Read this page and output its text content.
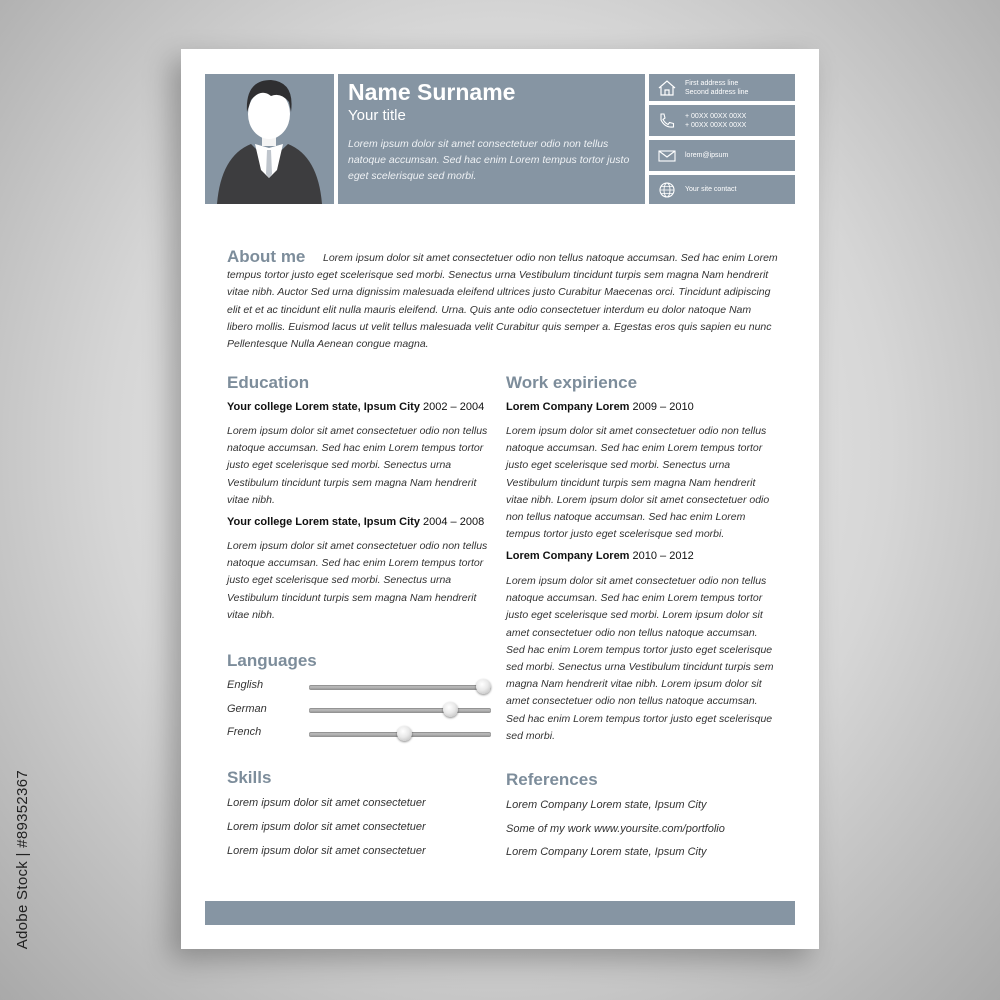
Adobe Stock | #89352367
Name Surname
Your title
Lorem ipsum dolor sit amet consectetuer odio non tellus natoque accumsan. Sed hac enim Lorem tempus tortor justo eget scelerisque sed morbi.
First address line
Second address line
+ 00XX 00XX 00XX
+ 00XX 00XX 00XX
lorem@ipsum
Your site contact
About me	Lorem ipsum dolor sit amet consectetuer odio non tellus natoque accumsan. Sed hac enim Lorem tempus tortor justo eget scelerisque sed morbi. Senectus urna Vestibulum tincidunt turpis sem magna Nam hendrerit vitae nibh. Auctor Sed urna dignissim malesuada eleifend ultrices justo Curabitur Maecenas orci. Tincidunt adipiscing elit et et ac tincidunt elit nulla mauris eleifend. Urna. Quis ante odio consectetuer interdum eu dolor natoque Nam libero mollis. Euismod lacus ut velit tellus malesuada velit Curabitur quis semper a. Egestas eros quis sapien eu nunc Pellentesque Nulla Aenean congue magna.
Education
Your college Lorem state, Ipsum City 2002 – 2004
Lorem ipsum dolor sit amet consectetuer odio non tellus natoque accumsan. Sed hac enim Lorem tempus tortor justo eget scelerisque sed morbi. Senectus urna Vestibulum tincidunt turpis sem magna Nam hendrerit vitae nibh.
Your college Lorem state, Ipsum City 2004 – 2008
Lorem ipsum dolor sit amet consectetuer odio non tellus natoque accumsan. Sed hac enim Lorem tempus tortor justo eget scelerisque sed morbi. Senectus urna Vestibulum tincidunt turpis sem magna Nam hendrerit vitae nibh.
Languages
English
German
French
Skills
Lorem ipsum dolor sit amet consectetuer
Lorem ipsum dolor sit amet consectetuer
Lorem ipsum dolor sit amet consectetuer
Work expirience
Lorem Company Lorem 2009 – 2010
Lorem ipsum dolor sit amet consectetuer odio non tellus natoque accumsan. Sed hac enim Lorem tempus tortor justo eget scelerisque sed morbi. Senectus urna Vestibulum tincidunt turpis sem magna Nam hendrerit vitae nibh. Lorem ipsum dolor sit amet consectetuer odio non tellus natoque accumsan. Sed hac enim Lorem tempus tortor justo eget scelerisque sed morbi.
Lorem Company Lorem 2010 – 2012
Lorem ipsum dolor sit amet consectetuer odio non tellus natoque accumsan. Sed hac enim Lorem tempus tortor justo eget scelerisque sed morbi. Lorem ipsum dolor sit amet consectetuer odio non tellus natoque accumsan. Sed hac enim Lorem tempus tortor justo eget scelerisque sed morbi. Senectus urna Vestibulum tincidunt turpis sem magna Nam hendrerit vitae nibh. Lorem ipsum dolor sit amet consectetuer odio non tellus natoque accumsan. Sed hac enim Lorem tempus tortor justo eget scelerisque sed morbi.
References
Lorem Company Lorem state, Ipsum City
Some of my work www.yoursite.com/portfolio
Lorem Company Lorem state, Ipsum City
